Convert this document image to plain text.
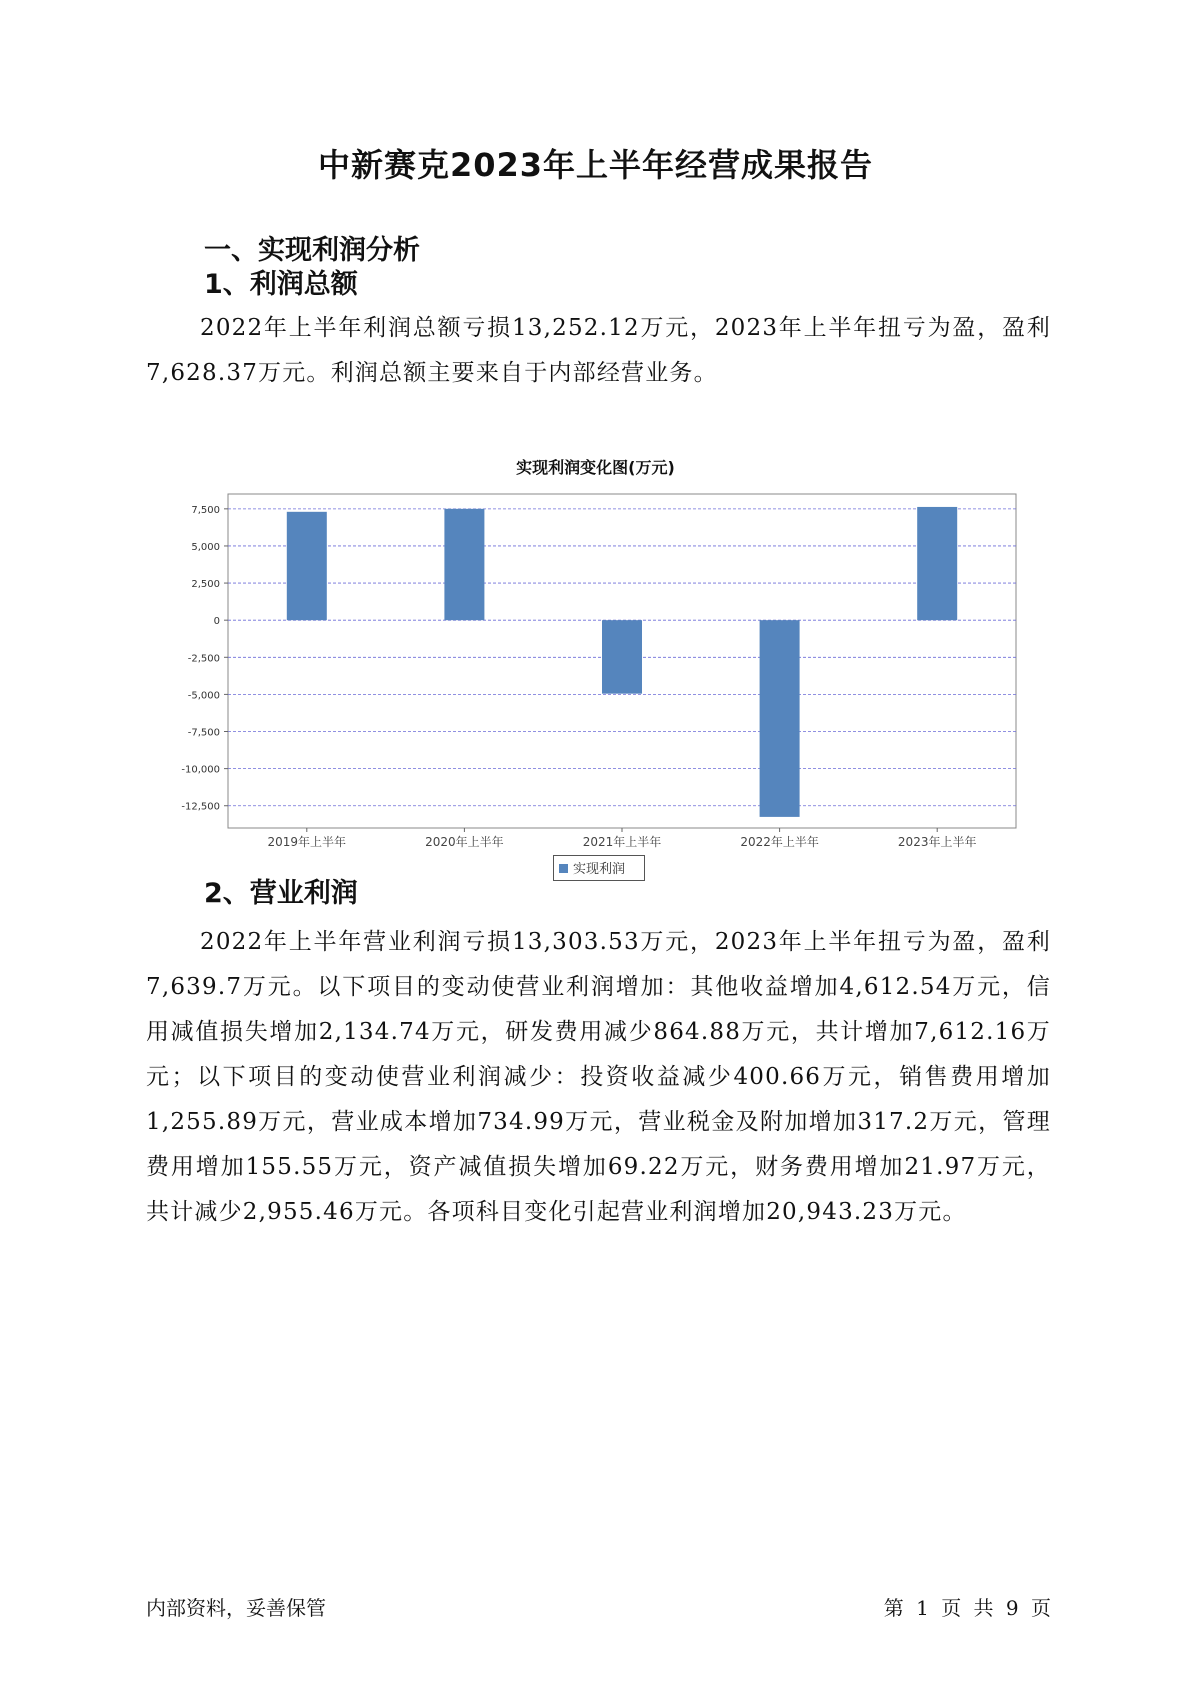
中新赛克2023年上半年经营成果报告
一、实现利润分析
1、利润总额
2022年上半年利润总额亏损13,252.12万元，2023年上半年扭亏为盈，盈利7,628.37万元。利润总额主要来自于内部经营业务。
实现利润变化图(万元)
7,500
5,000
2,500
0
-2,500
-5,000
-7,500
-10,000
-12,500
2019年上半年	2020年上半年	2021年上半年	2022年上半年	2023年上半年
2、营业利润
2022年上半年营业利润亏损13,303.53万元，2023年上半年扭亏为盈，盈利7,639.7万元。以下项目的变动使营业利润增加：其他收益增加4,612.54万元，信用减值损失增加2,134.74万元，研发费用减少864.88万元，共计增加7,612.16万元；以下项目的变动使营业利润减少：投资收益减少400.66万元，销售费用增加1,255.89万元，营业成本增加734.99万元，营业税金及附加增加317.2万元，管理费用增加155.55万元，资产减值损失增加69.22万元，财务费用增加21.97万元，共计减少2,955.46万元。各项科目变化引起营业利润增加20,943.23万元。
内部资料，妥善保管	第 1 页 共 9 页
实现利润
